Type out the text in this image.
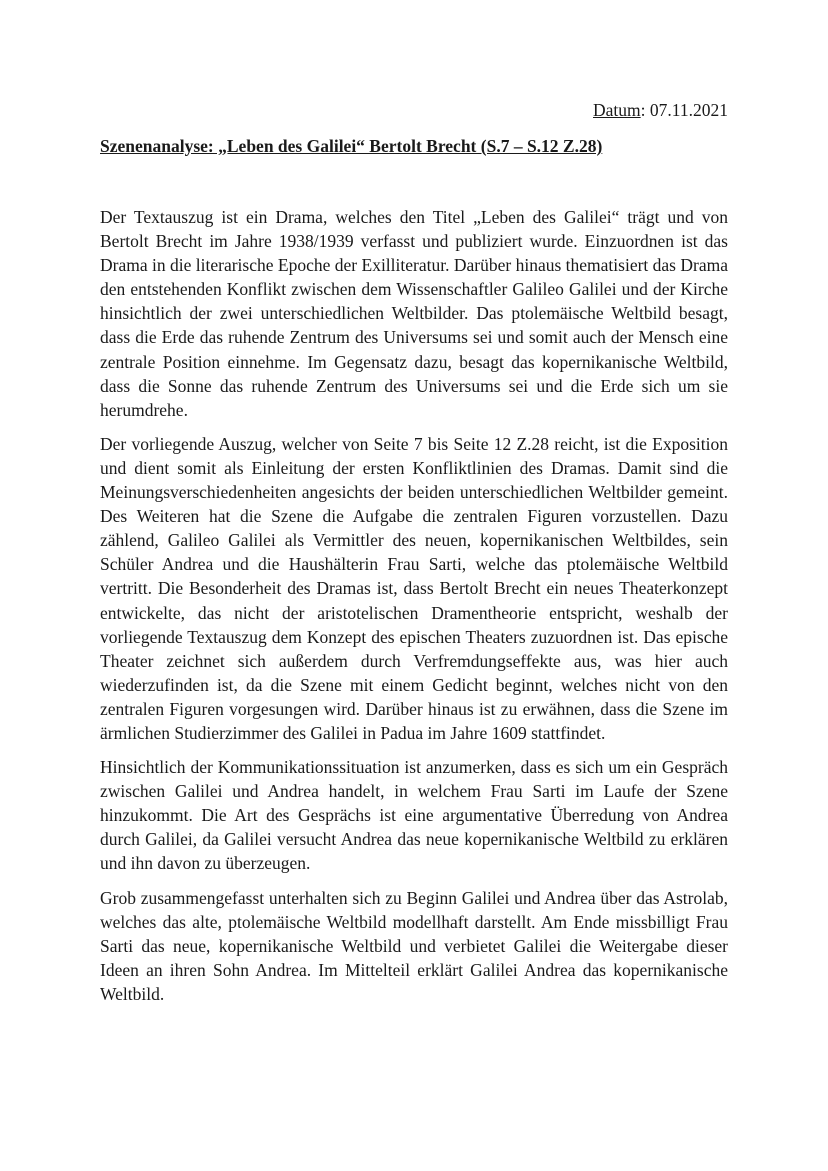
Datum: 07.11.2021
Szenenanalyse: „Leben des Galilei“ Bertolt Brecht (S.7 – S.12 Z.28)

Der Textauszug ist ein Drama, welches den Titel „Leben des Galilei“ trägt und von Bertolt Brecht im Jahre 1938/1939 verfasst und publiziert wurde. Einzuordnen ist das Drama in die literarische Epoche der Exilliteratur. Darüber hinaus thematisiert das Drama den entstehenden Konflikt zwischen dem Wissenschaftler Galileo Galilei und der Kirche hinsichtlich der zwei unterschiedlichen Weltbilder. Das ptolemäische Weltbild besagt, dass die Erde das ruhende Zentrum des Universums sei und somit auch der Mensch eine zentrale Position einnehme. Im Gegensatz dazu, besagt das kopernikanische Weltbild, dass die Sonne das ruhende Zentrum des Universums sei und die Erde sich um sie herumdrehe.

Der vorliegende Auszug, welcher von Seite 7 bis Seite 12 Z.28 reicht, ist die Exposition und dient somit als Einleitung der ersten Konfliktlinien des Dramas. Damit sind die Meinungsverschiedenheiten angesichts der beiden unterschiedlichen Weltbilder gemeint. Des Weiteren hat die Szene die Aufgabe die zentralen Figuren vorzustellen. Dazu zählend, Galileo Galilei als Vermittler des neuen, kopernikanischen Weltbildes, sein Schüler Andrea und die Haushälterin Frau Sarti, welche das ptolemäische Weltbild vertritt. Die Besonderheit des Dramas ist, dass Bertolt Brecht ein neues Theaterkonzept entwickelte, das nicht der aristotelischen Dramentheorie entspricht, weshalb der vorliegende Textauszug dem Konzept des epischen Theaters zuzuordnen ist. Das epische Theater zeichnet sich außerdem durch Verfremdungseffekte aus, was hier auch wiederzufinden ist, da die Szene mit einem Gedicht beginnt, welches nicht von den zentralen Figuren vorgesungen wird. Darüber hinaus ist zu erwähnen, dass die Szene im ärmlichen Studierzimmer des Galilei in Padua im Jahre 1609 stattfindet.

Hinsichtlich der Kommunikationssituation ist anzumerken, dass es sich um ein Gespräch zwischen Galilei und Andrea handelt, in welchem Frau Sarti im Laufe der Szene hinzukommt. Die Art des Gesprächs ist eine argumentative Überredung von Andrea durch Galilei, da Galilei versucht Andrea das neue kopernikanische Weltbild zu erklären und ihn davon zu überzeugen.

Grob zusammengefasst unterhalten sich zu Beginn Galilei und Andrea über das Astrolab, welches das alte, ptolemäische Weltbild modellhaft darstellt. Am Ende missbilligt Frau Sarti das neue, kopernikanische Weltbild und verbietet Galilei die Weitergabe dieser Ideen an ihren Sohn Andrea. Im Mittelteil erklärt Galilei Andrea das kopernikanische Weltbild.
